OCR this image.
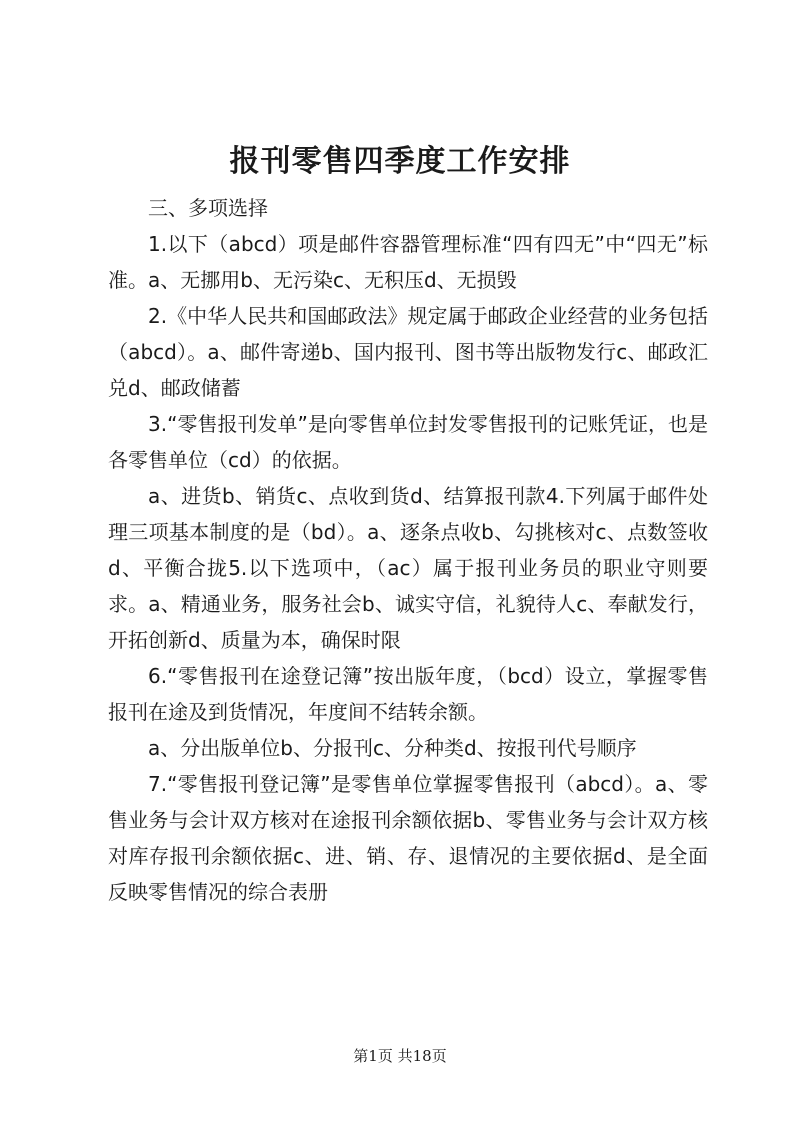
报刊零售四季度工作安排

三、多项选择

1.以下（abcd）项是邮件容器管理标准“四有四无”中“四无”标准。a、无挪用b、无污染c、无积压d、无损毁

2.《中华人民共和国邮政法》规定属于邮政企业经营的业务包括（abcd）。a、邮件寄递b、国内报刊、图书等出版物发行c、邮政汇兑d、邮政储蓄

3.“零售报刊发单”是向零售单位封发零售报刊的记账凭证，也是各零售单位（cd）的依据。

a、进货b、销货c、点收到货d、结算报刊款4.下列属于邮件处理三项基本制度的是（bd）。a、逐条点收b、勾挑核对c、点数签收d、平衡合拢5.以下选项中，（ac）属于报刊业务员的职业守则要求。a、精通业务，服务社会b、诚实守信，礼貌待人c、奉献发行，开拓创新d、质量为本，确保时限

6.“零售报刊在途登记簿”按出版年度，（bcd）设立，掌握零售报刊在途及到货情况，年度间不结转余额。

a、分出版单位b、分报刊c、分种类d、按报刊代号顺序

7.“零售报刊登记簿”是零售单位掌握零售报刊（abcd）。a、零售业务与会计双方核对在途报刊余额依据b、零售业务与会计双方核对库存报刊余额依据c、进、销、存、退情况的主要依据d、是全面反映零售情况的综合表册

第1页 共18页
